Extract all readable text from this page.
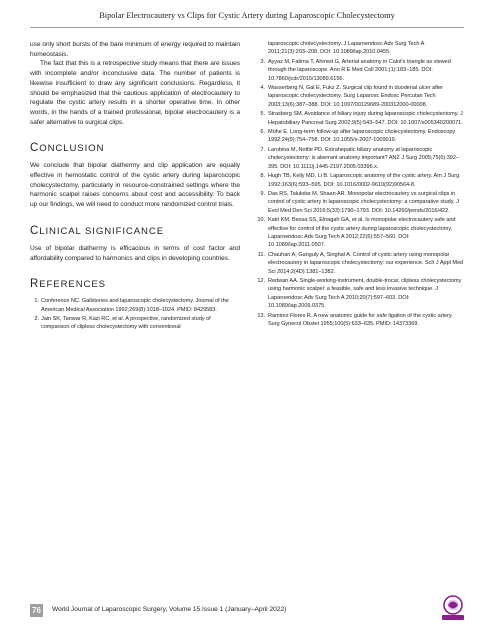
Bipolar Electrocautery vs Clips for Cystic Artery during Laparoscopic Cholecystectomy

use only short bursts of the bare minimum of energy required to maintain homeostasis.

The fact that this is a retrospective study means that there are issues with incomplete and/or inconclusive data. The number of patients is likewise insufficient to draw any significant conclusions. Regardless, it should be emphasized that the cautious application of electrocautery to regulate the cystic artery results in a shorter operative time. In other words, in the hands of a trained professional, bipolar electrocautery is a safer alternative to surgical clips.

CONCLUSION

We conclude that bipolar diathermy and clip application are equally effective in hemostatic control of the cystic artery during laparoscopic cholecystectomy, particularly in resource-constrained settings where the harmonic scalpel raises concerns about cost and accessibility. To back up our findings, we will need to conduct more randomized control trials.

CLINICAL SIGNIFICANCE

Use of bipolar diathermy is efficacious in terms of cost factor and affordability compared to harmonics and clips in developing countries.

REFERENCES
1. Conference NC. Gallstones and laparoscopic cholecystectomy. Journal of the American Medical Association 1992;269(8):1018–1024. PMID: 8429583.
2. Jain SK, Tanwar R, Kazi RC, et al. A prospective, randomized study of comparison of clipless cholecystectomy with conventional
laparoscopic cholecystectomy. J Laparoendosc Adv Surg Tech A 2011;21(3):203–208. DOI: 10.1089/lap.2010.0455.
3. Ayyaz M, Fatima T, Ahmed G. Arterial anatomy in Calot's triangle as viewed through the laparoscope. Ann R E Med Coll 2001;(1):183–185. DOI: 10.7860/jcdr/2015/13089.6156.
4. Wasserberg N, Gal E, Fukz Z. Surgical clip found in duodenal ulcer after laparoscopic cholecystectomy. Surg Laparosc Endosc Percutan Tech 2003;13(6):387–388. DOI: 10.1097/00129689-200312000-00008.
5. Strasberg SM. Avoidance of biliary injury during laparoscopic cholecystectomy. J Hepatobiliary Pancreat Surg 2002;9(5):543–547. DOI: 10.1007/s005340200071.
6. Mühe E. Long-term follow-up after laparoscopic cholecystectomy. Endoscopy 1992;24(9):754–758. DOI: 10.1055/s-2007-1009019.
7. Larobina M, Nottle PD. Extrahepatic biliary anatomy at laparoscopic cholecystectomy: is aberrant anatomy important? ANZ J Surg 2005;75(6):392–395. DOI: 10.1111/j.1445-2197.2005.03396.x.
8. Hugh TB, Kelly MD, Li B. Laparoscopic anatomy of the cystic artery. Am J Surg 1992;163(6):593–595. DOI: 10.1016/0002-9610(92)90564-8.
9. Das RS, Talukdar M, Shaan AR. Monopolar electrocautery vs surgical clips in control of cystic artery in laparoscopic cholecystectomy: a comparative study. J Evol Med Den Sci 2016;5(33):1790–1793. DOI: 10.14260/jemds/2016/422.
10. Katri KM, Bessa SS, Elnagah GA, et al. Is monopolar electrocautery safe and effective for control of the cystic artery during laparoscopic cholecystectomy. Laparoendosc Adv Surg Tech A 2012;22(6):557–560. DOI: 10.1089/lap.2011.0507.
11. Chauhan A, Ganguly A, Singhal A. Control of cystic artery using monopolar electrocautery in laparoscopic cholecystectomy: our experience. Sch J Appl Med Sci 2014;2(4D):1381–1382.
12. Redwan AA. Single-working-instrument, double-trocar, clipless cholecystectomy using harmonic scalpel: a feasible, safe and less invasive technique. J Laparoendosc Adv Surg Tech A 2010;20(7):597–603. DOI: 10.1089/lap.2009.0375.
13. Ramirez Flores R. A new anatomic guide for safe ligation of the cystic artery. Surg Gynecol Obstet 1955;100(5):633–635. PMID: 14373369.
76	World Journal of Laparoscopic Surgery, Volume 15 Issue 1 (January–April 2022)
